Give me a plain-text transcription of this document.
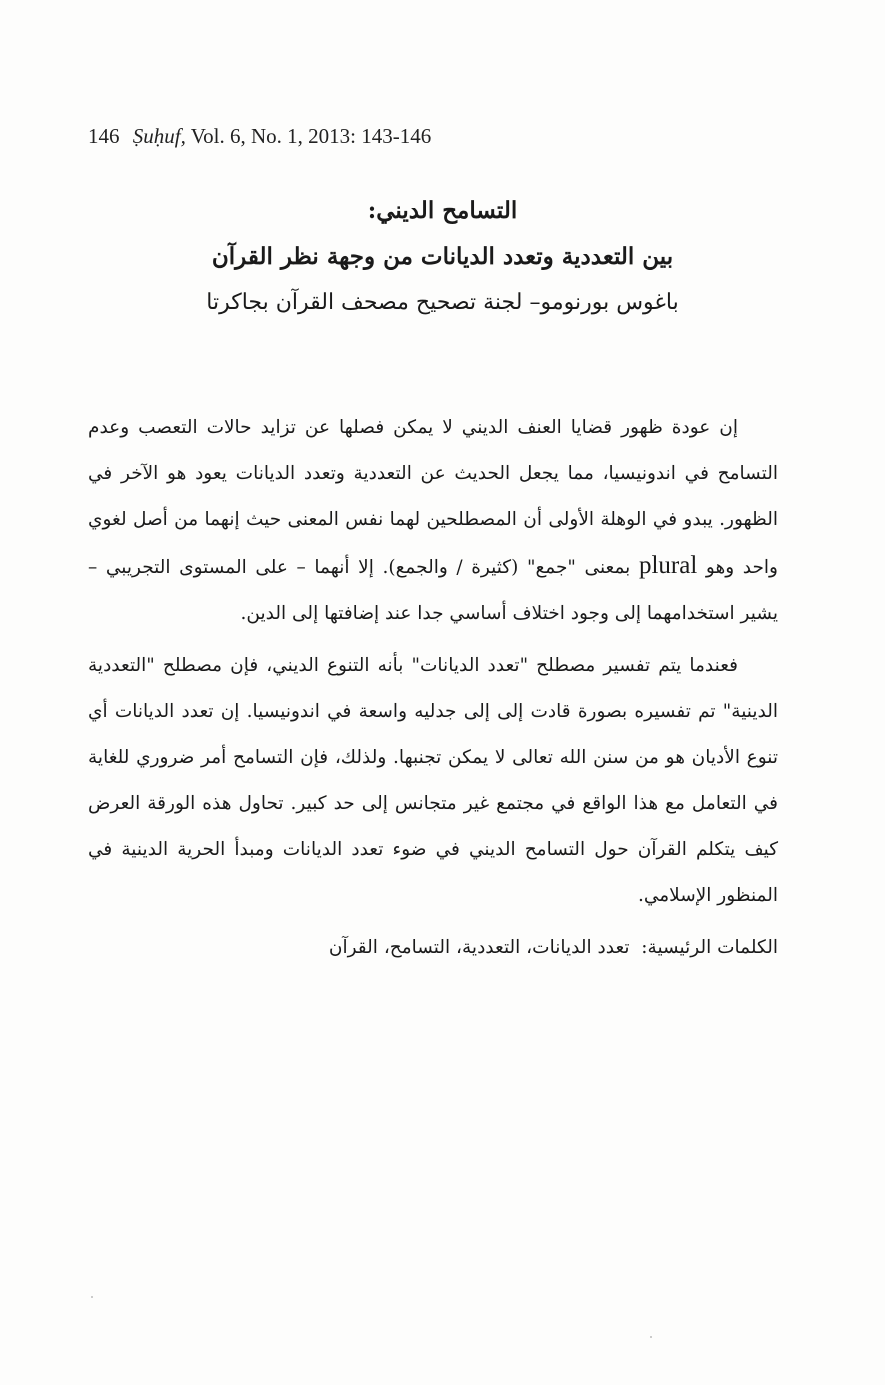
146 Ṣuḥuf, Vol. 6, No. 1, 2013: 143-146
التسامح الديني:
بين التعددية وتعدد الديانات من وجهة نظر القرآن
باغوس بورنومو– لجنة تصحيح مصحف القرآن بجاكرتا

إن عودة ظهور قضايا العنف الديني لا يمكن فصلها عن تزايد حالات التعصب وعدم التسامح في اندونيسيا، مما يجعل الحديث عن التعددية وتعدد الديانات يعود هو الآخر في الظهور. يبدو في الوهلة الأولى أن المصطلحين لهما نفس المعنى حيث إنهما من أصل لغوي واحد وهو plural بمعنى "جمع" (كثيرة / والجمع). إلا أنهما – على المستوى التجريبي – يشير استخدامهما إلى وجود اختلاف أساسي جدا عند إضافتها إلى الدين.

فعندما يتم تفسير مصطلح "تعدد الديانات" بأنه التنوع الديني، فإن مصطلح "التعددية الدينية" تم تفسيره بصورة قادت إلى إلى جدليه واسعة في اندونيسيا. إن تعدد الديانات أي تنوع الأديان هو من سنن الله تعالى لا يمكن تجنبها. ولذلك، فإن التسامح أمر ضروري للغاية في التعامل مع هذا الواقع في مجتمع غير متجانس إلى حد كبير. تحاول هذه الورقة العرض كيف يتكلم القرآن حول التسامح الديني في ضوء تعدد الديانات ومبدأ الحرية الدينية في المنظور الإسلامي.

الكلمات الرئيسية:  تعدد الديانات، التعددية، التسامح، القرآن
